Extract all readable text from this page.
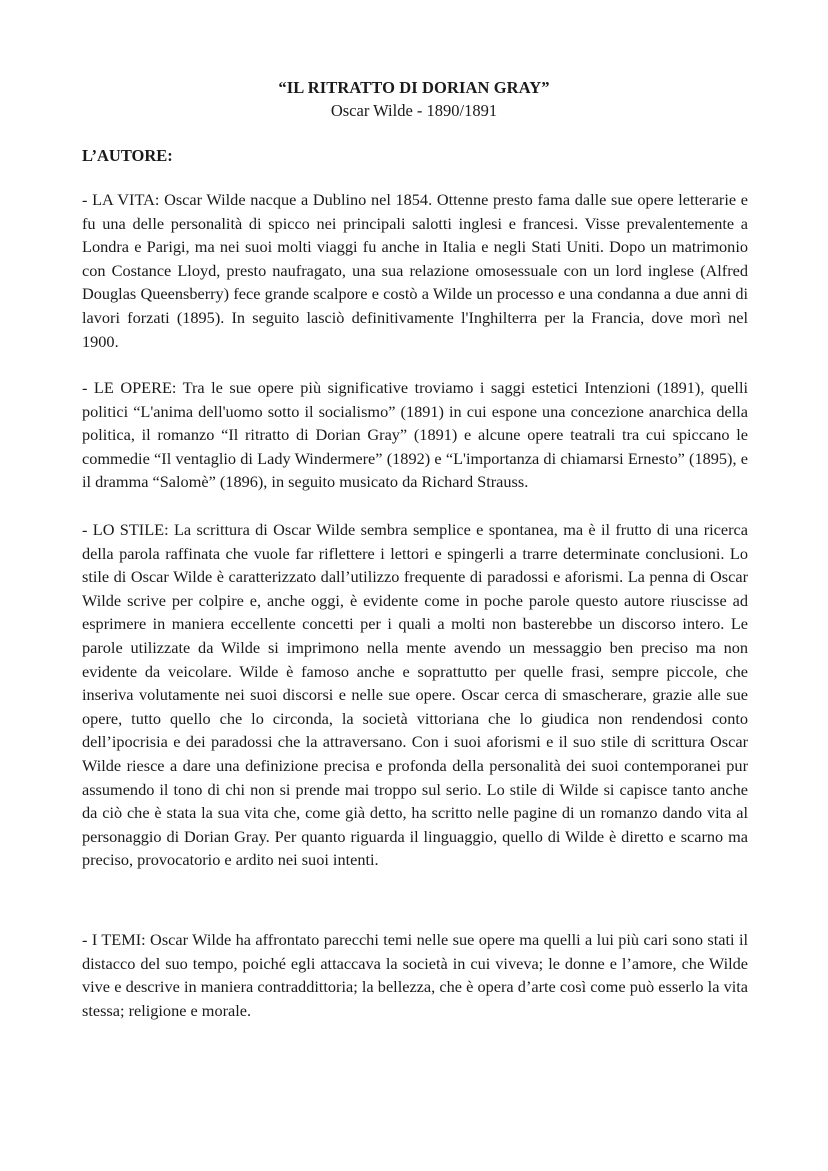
“IL RITRATTO DI DORIAN GRAY”
Oscar Wilde - 1890/1891
L’AUTORE:

- LA VITA: Oscar Wilde nacque a Dublino nel 1854. Ottenne presto fama dalle sue opere letterarie e fu una delle personalità di spicco nei principali salotti inglesi e francesi. Visse prevalentemente a Londra e Parigi, ma nei suoi molti viaggi fu anche in Italia e negli Stati Uniti. Dopo un matrimonio con Costance Lloyd, presto naufragato, una sua relazione omosessuale con un lord inglese (Alfred Douglas Queensberry) fece grande scalpore e costò a Wilde un processo e una condanna a due anni di lavori forzati (1895). In seguito lasciò definitivamente l'Inghilterra per la Francia, dove morì nel 1900.

- LE OPERE: Tra le sue opere più significative troviamo i saggi estetici Intenzioni (1891), quelli politici “L'anima dell'uomo sotto il socialismo” (1891) in cui espone una concezione anarchica della politica, il romanzo “Il ritratto di Dorian Gray” (1891) e alcune opere teatrali tra cui spiccano le commedie “Il ventaglio di Lady Windermere” (1892) e “L'importanza di chiamarsi Ernesto” (1895), e il dramma “Salomè” (1896), in seguito musicato da Richard Strauss.

- LO STILE: La scrittura di Oscar Wilde sembra semplice e spontanea, ma è il frutto di una ricerca della parola raffinata che vuole far riflettere i lettori e spingerli a trarre determinate conclusioni. Lo stile di Oscar Wilde è caratterizzato dall’utilizzo frequente di paradossi e aforismi. La penna di Oscar Wilde scrive per colpire e, anche oggi, è evidente come in poche parole questo autore riuscisse ad esprimere in maniera eccellente concetti per i quali a molti non basterebbe un discorso intero. Le parole utilizzate da Wilde si imprimono nella mente avendo un messaggio ben preciso ma non evidente da veicolare. Wilde è famoso anche e soprattutto per quelle frasi, sempre piccole, che inseriva volutamente nei suoi discorsi e nelle sue opere. Oscar cerca di smascherare, grazie alle sue opere, tutto quello che lo circonda, la società vittoriana che lo giudica non rendendosi conto dell’ipocrisia e dei paradossi che la attraversano. Con i suoi aforismi e il suo stile di scrittura Oscar Wilde riesce a dare una definizione precisa e profonda della personalità dei suoi contemporanei pur assumendo il tono di chi non si prende mai troppo sul serio. Lo stile di Wilde si capisce tanto anche da ciò che è stata la sua vita che, come già detto, ha scritto nelle pagine di un romanzo dando vita al personaggio di Dorian Gray. Per quanto riguarda il linguaggio, quello di Wilde è diretto e scarno ma preciso, provocatorio e ardito nei suoi intenti.

- I TEMI: Oscar Wilde ha affrontato parecchi temi nelle sue opere ma quelli a lui più cari sono stati il distacco del suo tempo, poiché egli attaccava la società in cui viveva; le donne e l’amore, che Wilde vive e descrive in maniera contraddittoria; la bellezza, che è opera d’arte così come può esserlo la vita stessa; religione e morale.
